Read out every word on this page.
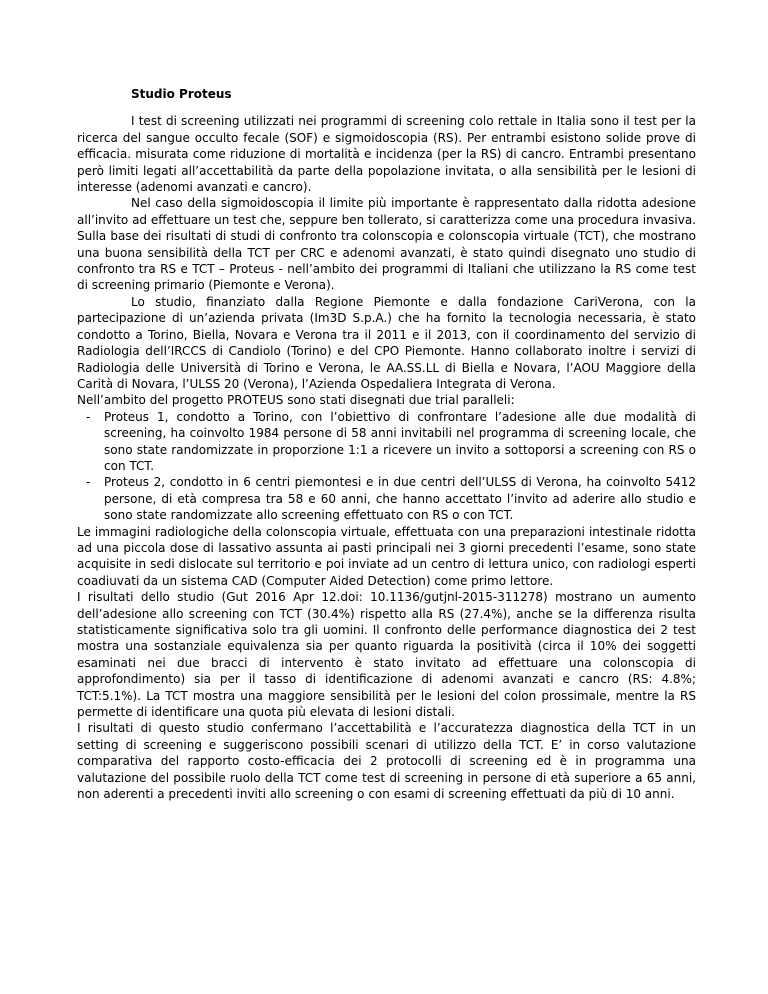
Studio Proteus

I test di screening utilizzati nei programmi di screening colo rettale in Italia sono il test per la ricerca del sangue occulto fecale (SOF) e sigmoidoscopia (RS). Per entrambi esistono solide prove di efficacia. misurata come riduzione di mortalità e incidenza (per la RS) di cancro. Entrambi presentano però limiti legati all’accettabilità da parte della popolazione invitata, o alla sensibilità per le lesioni di interesse (adenomi avanzati e cancro).

Nel caso della sigmoidoscopia il limite più importante è rappresentato dalla ridotta adesione all’invito ad effettuare un test che, seppure ben tollerato, si caratterizza come una procedura invasiva. Sulla base dei risultati di studi di confronto tra colonscopia e colonscopia virtuale (TCT), che mostrano una buona sensibilità della TCT per CRC e adenomi avanzati, è stato quindi disegnato uno studio di confronto tra RS e TCT – Proteus - nell’ambito dei programmi di Italiani che utilizzano la RS come test di screening primario (Piemonte e Verona).

Lo studio, finanziato dalla Regione Piemonte e dalla fondazione CariVerona, con la partecipazione di un’azienda privata (Im3D S.p.A.) che ha fornito la tecnologia necessaria, è stato condotto a Torino, Biella, Novara e Verona tra il 2011 e il 2013, con il coordinamento del servizio di Radiologia dell’IRCCS di Candiolo (Torino) e del CPO Piemonte. Hanno collaborato inoltre i servizi di Radiologia delle Università di Torino e Verona, le AA.SS.LL di Biella e Novara, l’AOU Maggiore della Carità di Novara, l’ULSS 20 (Verona), l’Azienda Ospedaliera Integrata di Verona.

Nell’ambito del progetto PROTEUS sono stati disegnati due trial paralleli:

- Proteus 1, condotto a Torino, con l’obiettivo di confrontare l’adesione alle due modalità di screening, ha coinvolto 1984 persone di 58 anni invitabili nel programma di screening locale, che sono state randomizzate in proporzione 1:1 a ricevere un invito a sottoporsi a screening con RS o con TCT.
- Proteus 2, condotto in 6 centri piemontesi e in due centri dell’ULSS di Verona, ha coinvolto 5412 persone, di età compresa tra 58 e 60 anni, che hanno accettato l’invito ad aderire allo studio e sono state randomizzate allo screening effettuato con RS o con TCT.

Le immagini radiologiche della colonscopia virtuale, effettuata con una preparazioni intestinale ridotta ad una piccola dose di lassativo assunta ai pasti principali nei 3 giorni precedenti l’esame, sono state acquisite in sedi dislocate sul territorio e poi inviate ad un centro di lettura unico, con radiologi esperti coadiuvati da un sistema CAD (Computer Aided Detection) come primo lettore.

I risultati dello studio (Gut 2016 Apr 12.doi: 10.1136/gutjnl-2015-311278) mostrano un aumento dell’adesione allo screening con TCT (30.4%) rispetto alla RS (27.4%), anche se la differenza risulta statisticamente significativa solo tra gli uomini. Il confronto delle performance diagnostica dei 2 test mostra una sostanziale equivalenza sia per quanto riguarda la positività (circa il 10% dei soggetti esaminati nei due bracci di intervento è stato invitato ad effettuare una colonscopia di approfondimento) sia per il tasso di identificazione di adenomi avanzati e cancro (RS: 4.8%; TCT:5.1%). La TCT mostra una maggiore sensibilità per le lesioni del colon prossimale, mentre la RS permette di identificare una quota più elevata di lesioni distali.

I risultati di questo studio confermano l’accettabilità e l’accuratezza diagnostica della TCT in un setting di screening e suggeriscono possibili scenari di utilizzo della TCT. E’ in corso valutazione comparativa del rapporto costo-efficacia dei 2 protocolli di screening ed è in programma una valutazione del possibile ruolo della TCT come test di screening in persone di età superiore a 65 anni, non aderenti a precedenti inviti allo screening o con esami di screening effettuati da più di 10 anni.
